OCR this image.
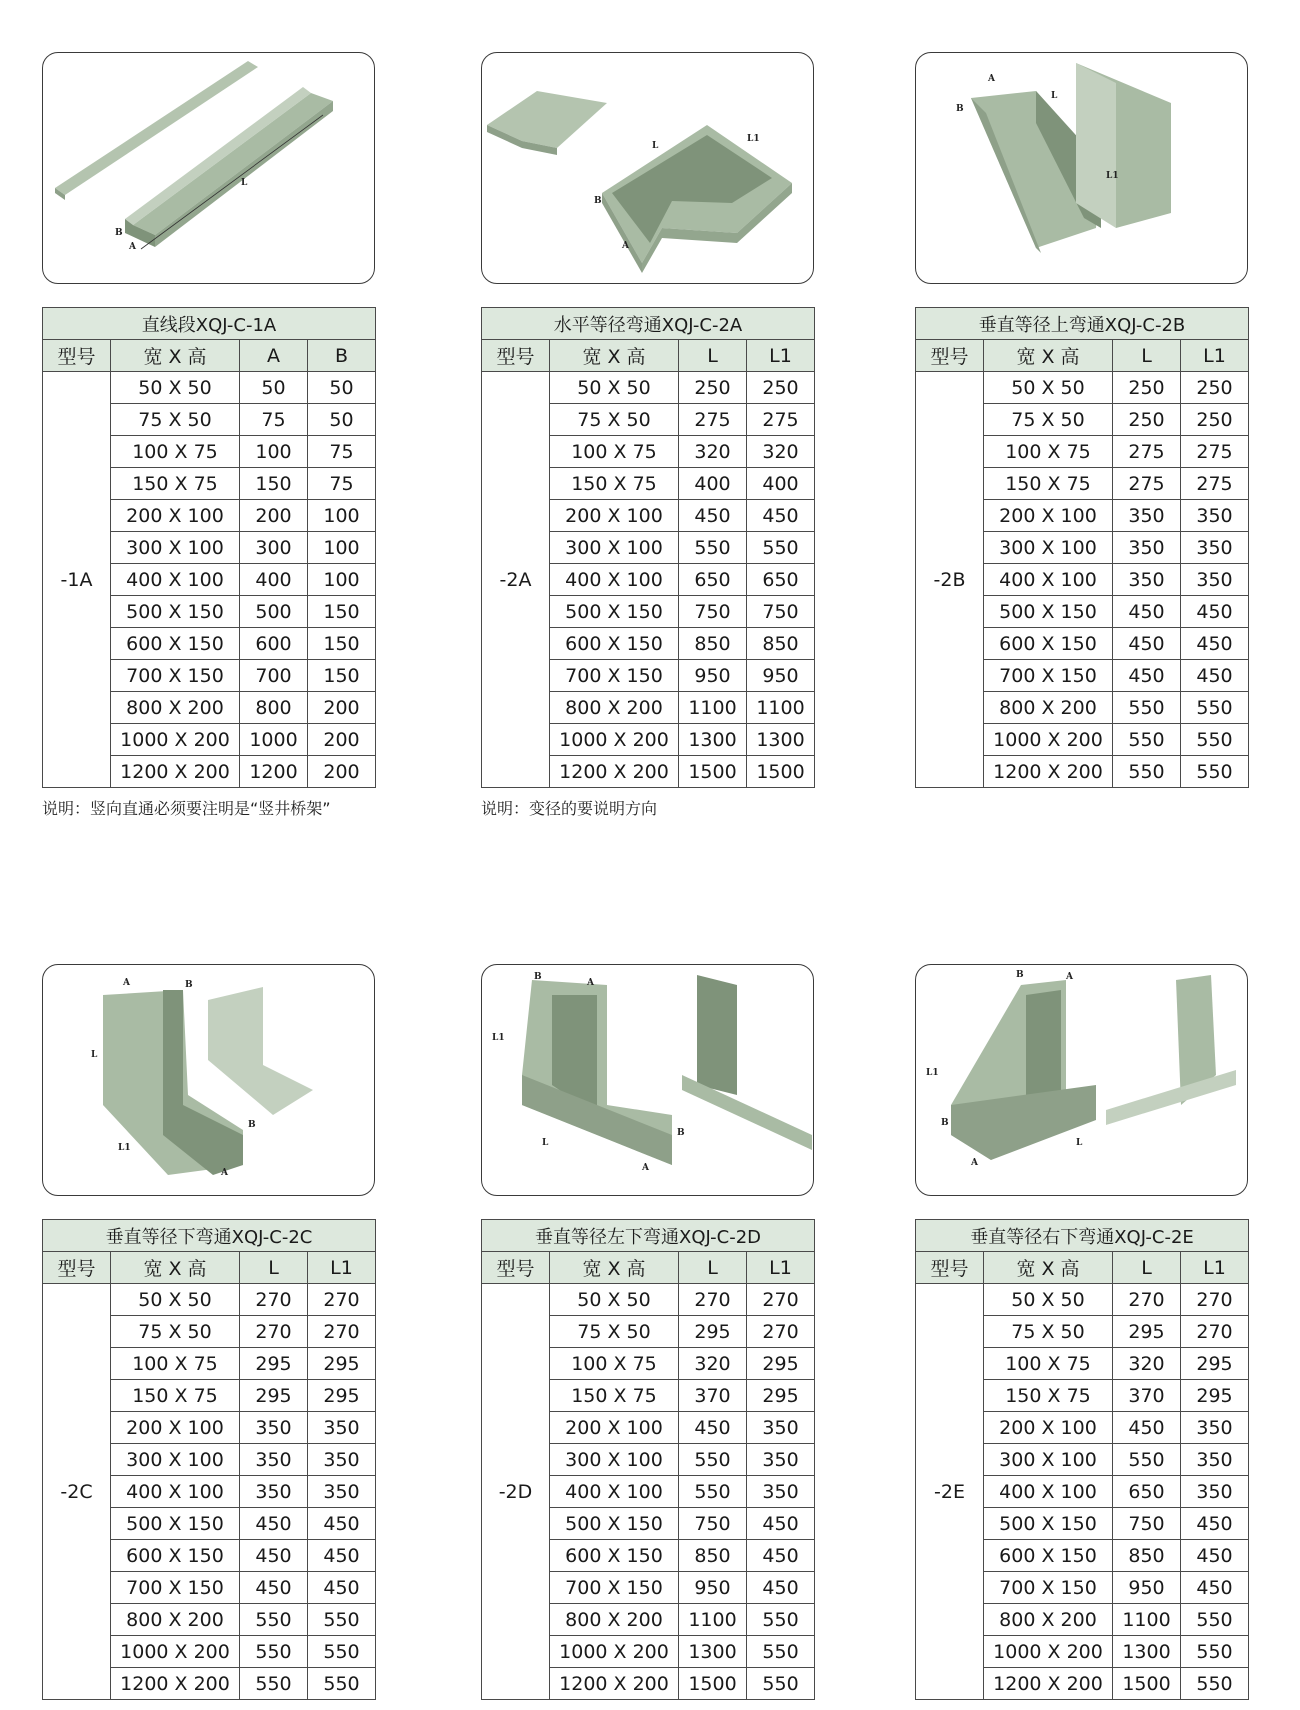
L
B
A
直线段XQJ-C-1A			
型号	宽 X 高	A	B
-1A	50 X 50	50	50
	75 X 50	75	50
	100 X 75	100	75
	150 X 75	150	75
	200 X 100	200	100
	300 X 100	300	100
	400 X 100	400	100
	500 X 150	500	150
	600 X 150	600	150
	700 X 150	700	150
	800 X 200	800	200
	1000 X 200	1000	200
	1200 X 200	1200	200
说明：竖向直通必须要注明是“竖井桥架”
L
L1
B
A
水平等径弯通XQJ-C-2A			
型号	宽 X 高	L	L1
-2A	50 X 50	250	250
	75 X 50	275	275
	100 X 75	320	320
	150 X 75	400	400
	200 X 100	450	450
	300 X 100	550	550
	400 X 100	650	650
	500 X 150	750	750
	600 X 150	850	850
	700 X 150	950	950
	800 X 200	1100	1100
	1000 X 200	1300	1300
	1200 X 200	1500	1500
说明：变径的要说明方向
A
B
L
L1
垂直等径上弯通XQJ-C-2B			
型号	宽 X 高	L	L1
-2B	50 X 50	250	250
	75 X 50	250	250
	100 X 75	275	275
	150 X 75	275	275
	200 X 100	350	350
	300 X 100	350	350
	400 X 100	350	350
	500 X 150	450	450
	600 X 150	450	450
	700 X 150	450	450
	800 X 200	550	550
	1000 X 200	550	550
	1200 X 200	550	550
A	B
L
L1
B
A
垂直等径下弯通XQJ-C-2C			
型号	宽 X 高	L	L1
-2C	50 X 50	270	270
	75 X 50	270	270
	100 X 75	295	295
	150 X 75	295	295
	200 X 100	350	350
	300 X 100	350	350
	400 X 100	350	350
	500 X 150	450	450
	600 X 150	450	450
	700 X 150	450	450
	800 X 200	550	550
	1000 X 200	550	550
	1200 X 200	550	550
B
A
L1
L
B
A
垂直等径左下弯通XQJ-C-2D			
型号	宽 X 高	L	L1
-2D	50 X 50	270	270
	75 X 50	295	270
	100 X 75	320	295
	150 X 75	370	295
	200 X 100	450	350
	300 X 100	550	350
	400 X 100	550	350
	500 X 150	750	450
	600 X 150	850	450
	700 X 150	950	450
	800 X 200	1100	550
	1000 X 200	1300	550
	1200 X 200	1500	550
B	A
L1
B
A
L
垂直等径右下弯通XQJ-C-2E			
型号	宽 X 高	L	L1
-2E	50 X 50	270	270
	75 X 50	295	270
	100 X 75	320	295
	150 X 75	370	295
	200 X 100	450	350
	300 X 100	550	350
	400 X 100	650	350
	500 X 150	750	450
	600 X 150	850	450
	700 X 150	950	450
	800 X 200	1100	550
	1000 X 200	1300	550
	1200 X 200	1500	550
